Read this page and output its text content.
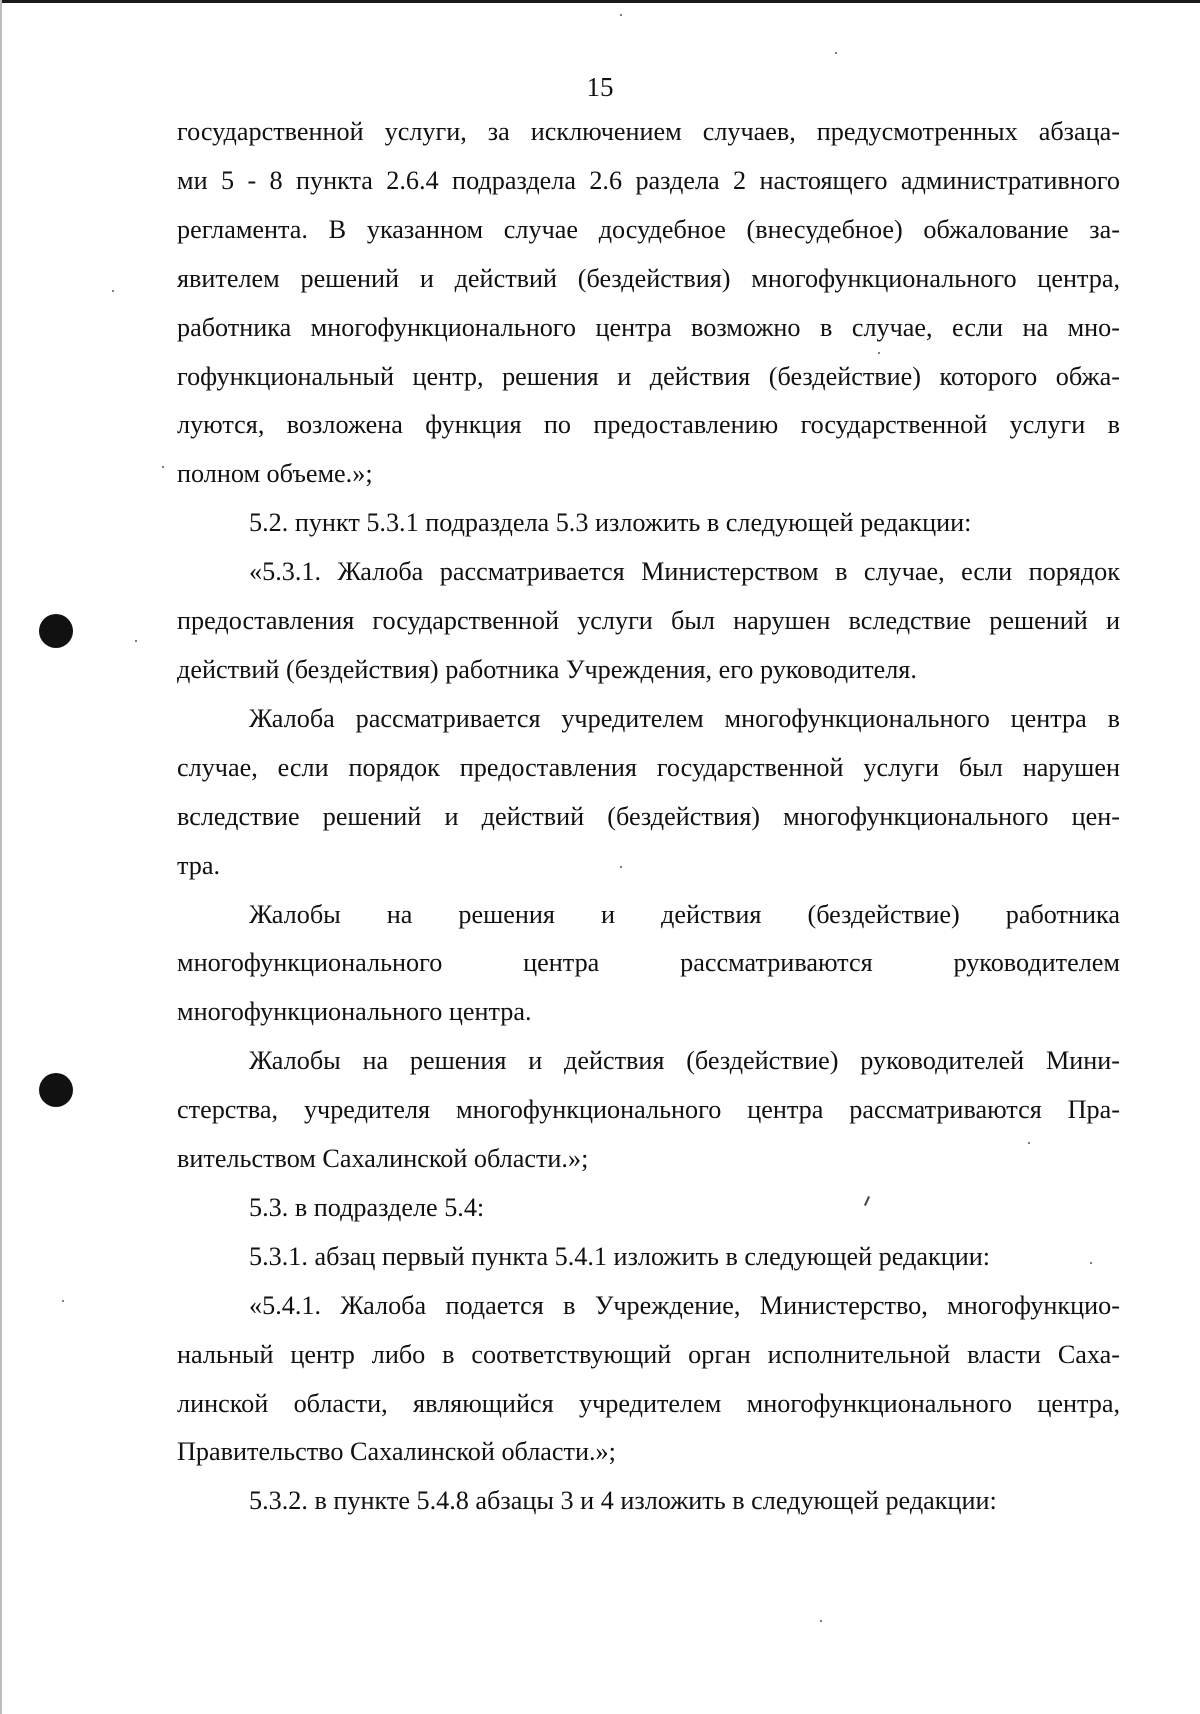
15

государственной услуги, за исключением случаев, предусмотренных абзаца-
ми 5 - 8 пункта 2.6.4 подраздела 2.6 раздела 2 настоящего административного
регламента. В указанном случае досудебное (внесудебное) обжалование за-
явителем решений и действий (бездействия) многофункционального центра,
работника многофункционального центра возможно в случае, если на мно-
гофункциональный центр, решения и действия (бездействие) которого обжа-
луются, возложена функция по предоставлению государственной услуги в
полном объеме.»;

5.2. пункт 5.3.1 подраздела 5.3 изложить в следующей редакции:

«5.3.1. Жалоба рассматривается Министерством в случае, если порядок
предоставления государственной услуги был нарушен вследствие решений и
действий (бездействия) работника Учреждения, его руководителя.

Жалоба рассматривается учредителем многофункционального центра в
случае, если порядок предоставления государственной услуги был нарушен
вследствие решений и действий (бездействия) многофункционального цен-
тра.

Жалобы на решения и действия (бездействие) работника
многофункционального	центра	рассматриваются	руководителем
многофункционального центра.

Жалобы на решения и действия (бездействие) руководителей Мини-
стерства, учредителя многофункционального центра рассматриваются Пра-
вительством Сахалинской области.»;

5.3. в подразделе 5.4:

5.3.1. абзац первый пункта 5.4.1 изложить в следующей редакции:

«5.4.1. Жалоба подается в Учреждение, Министерство, многофункцио-
нальный центр либо в соответствующий орган исполнительной власти Саха-
линской области, являющийся учредителем многофункционального центра,
Правительство Сахалинской области.»;

5.3.2. в пункте 5.4.8 абзацы 3 и 4 изложить в следующей редакции:
